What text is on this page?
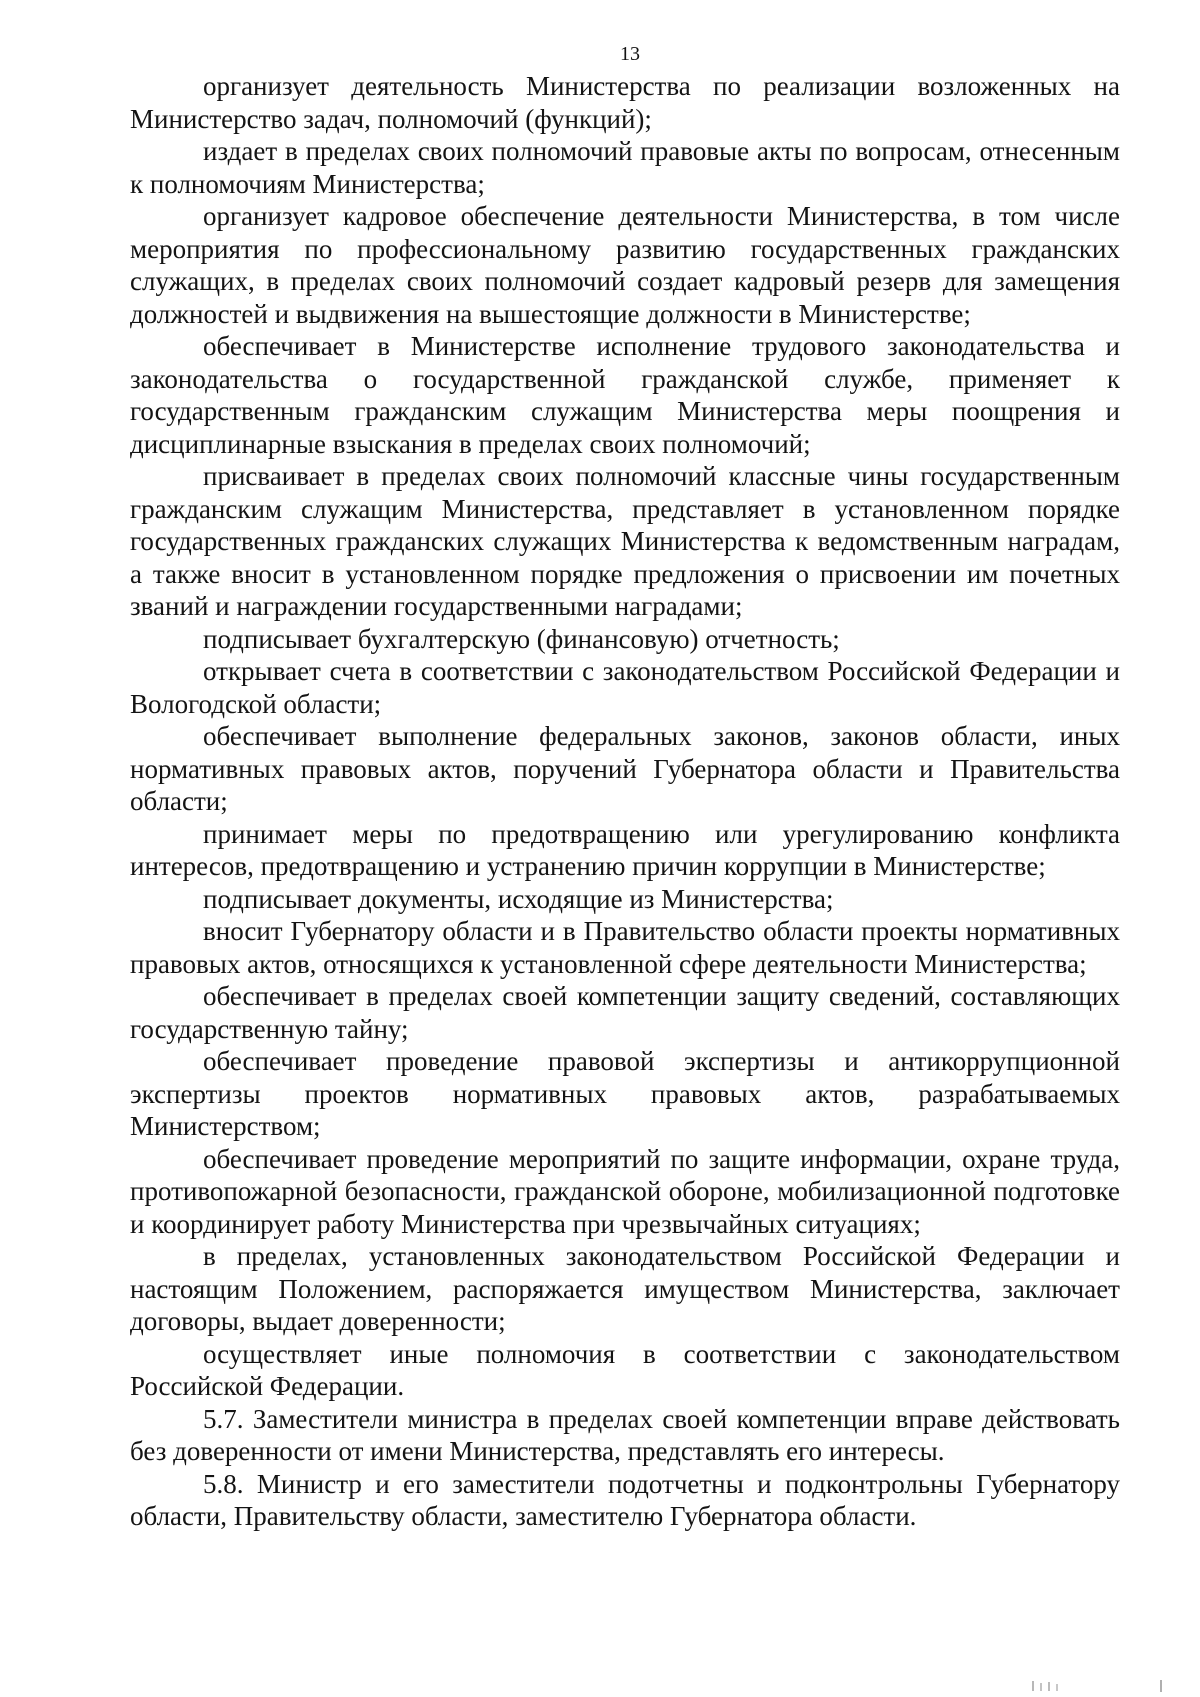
13

организует деятельность Министерства по реализации возложенных на Министерство задач, полномочий (функций);

издает в пределах своих полномочий правовые акты по вопросам, отнесенным к полномочиям Министерства;

организует кадровое обеспечение деятельности Министерства, в том числе мероприятия по профессиональному развитию государственных гражданских служащих, в пределах своих полномочий создает кадровый резерв для замещения должностей и выдвижения на вышестоящие должности в Министерстве;

обеспечивает в Министерстве исполнение трудового законодательства и законодательства о государственной гражданской службе, применяет к государственным гражданским служащим Министерства меры поощрения и дисциплинарные взыскания в пределах своих полномочий;

присваивает в пределах своих полномочий классные чины государственным гражданским служащим Министерства, представляет в установленном порядке государственных гражданских служащих Министерства к ведомственным наградам, а также вносит в установленном порядке предложения о присвоении им почетных званий и награждении государственными наградами;

подписывает бухгалтерскую (финансовую) отчетность;

открывает счета в соответствии с законодательством Российской Федерации и Вологодской области;

обеспечивает выполнение федеральных законов, законов области, иных нормативных правовых актов, поручений Губернатора области и Правительства области;

принимает меры по предотвращению или урегулированию конфликта интересов, предотвращению и устранению причин коррупции в Министерстве;

подписывает документы, исходящие из Министерства;

вносит Губернатору области и в Правительство области проекты нормативных правовых актов, относящихся к установленной сфере деятельности Министерства;

обеспечивает в пределах своей компетенции защиту сведений, составляющих государственную тайну;

обеспечивает проведение правовой экспертизы и антикоррупционной экспертизы проектов нормативных правовых актов, разрабатываемых Министерством;

обеспечивает проведение мероприятий по защите информации, охране труда, противопожарной безопасности, гражданской обороне, мобилизационной подготовке и координирует работу Министерства при чрезвычайных ситуациях;

в пределах, установленных законодательством Российской Федерации и настоящим Положением, распоряжается имуществом Министерства, заключает договоры, выдает доверенности;

осуществляет иные полномочия в соответствии с законодательством Российской Федерации.

5.7. Заместители министра в пределах своей компетенции вправе действовать без доверенности от имени Министерства, представлять его интересы.

5.8. Министр и его заместители подотчетны и подконтрольны Губернатору области, Правительству области, заместителю Губернатора области.
